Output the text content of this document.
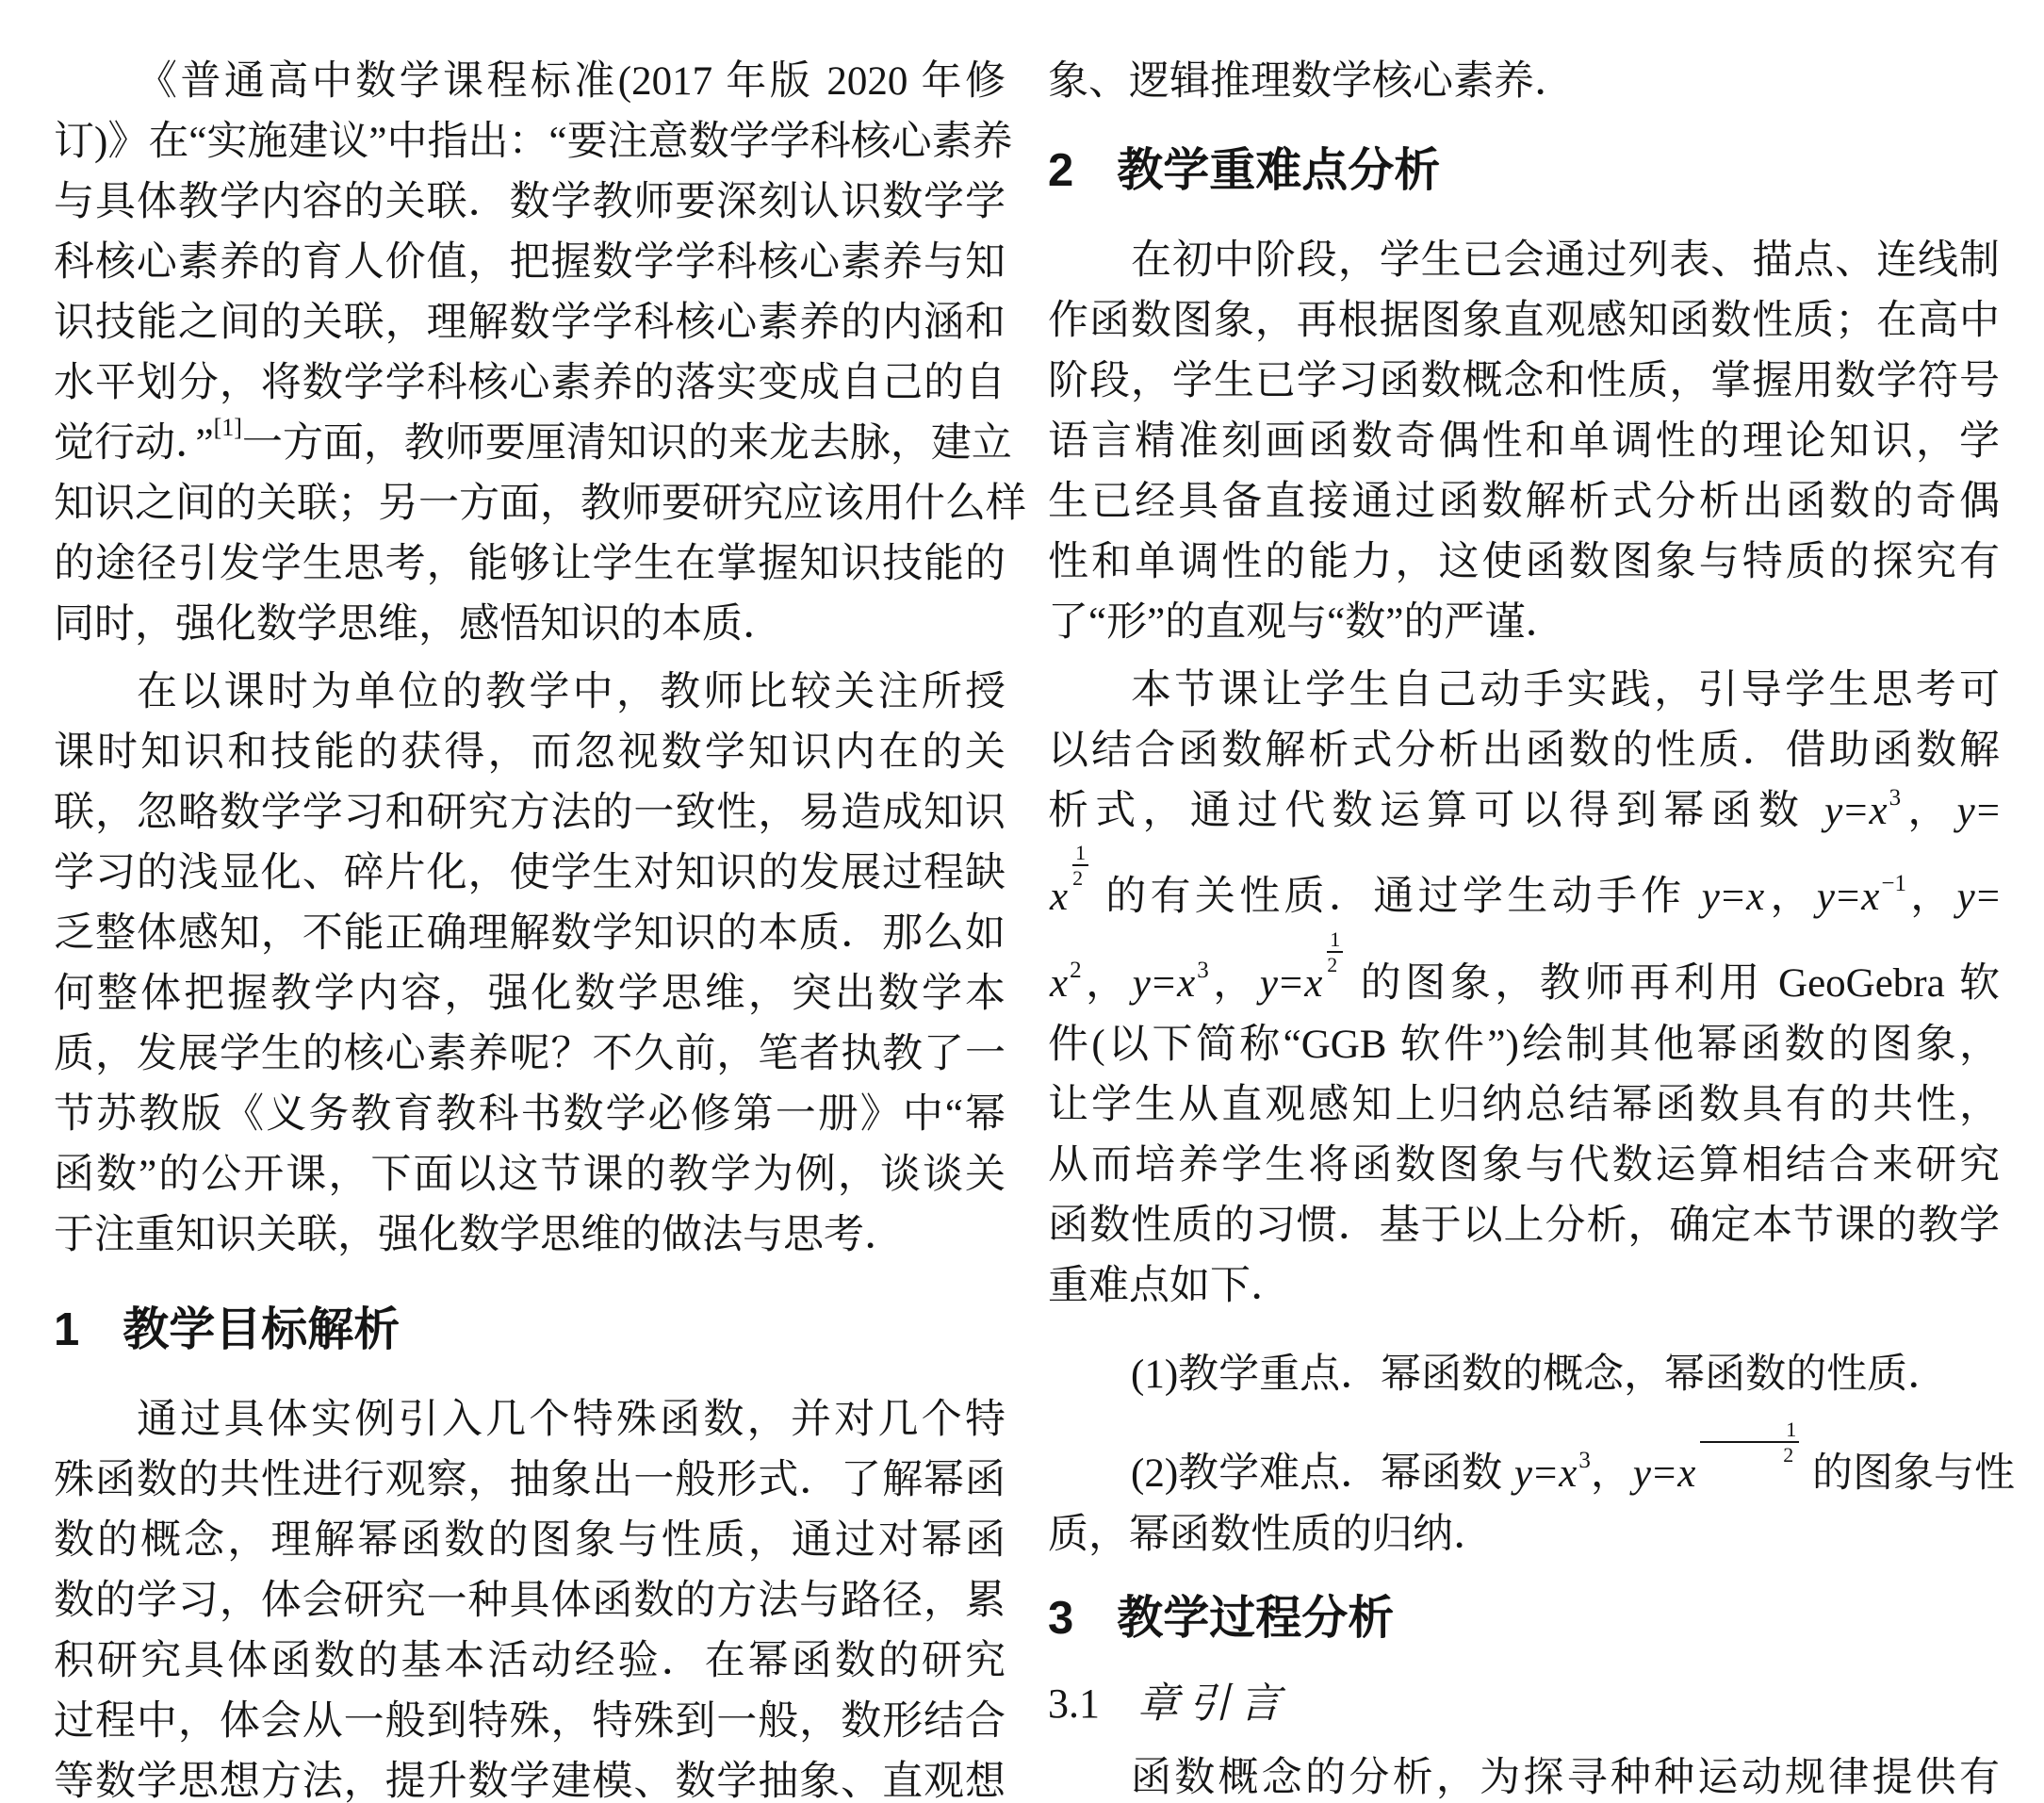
《普通高中数学课程标准(2017 年版 2020 年修
订)》在“实施建议”中指出：“要注意数学学科核心素养
与具体教学内容的关联．数学教师要深刻认识数学学
科核心素养的育人价值，把握数学学科核心素养与知
识技能之间的关联，理解数学学科核心素养的内涵和
水平划分，将数学学科核心素养的落实变成自己的自
觉行动．”[1]一方面，教师要厘清知识的来龙去脉，建立
知识之间的关联；另一方面，教师要研究应该用什么样
的途径引发学生思考，能够让学生在掌握知识技能的
同时，强化数学思维，感悟知识的本质．
在以课时为单位的教学中，教师比较关注所授
课时知识和技能的获得，而忽视数学知识内在的关
联，忽略数学学习和研究方法的一致性，易造成知识
学习的浅显化、碎片化，使学生对知识的发展过程缺
乏整体感知，不能正确理解数学知识的本质．那么如
何整体把握教学内容，强化数学思维，突出数学本
质，发展学生的核心素养呢？不久前，笔者执教了一
节苏教版《义务教育教科书数学必修第一册》中“幂
函数”的公开课，下面以这节课的教学为例，谈谈关
于注重知识关联，强化数学思维的做法与思考．
1 教学目标解析
通过具体实例引入几个特殊函数，并对几个特
殊函数的共性进行观察，抽象出一般形式．了解幂函
数的概念，理解幂函数的图象与性质，通过对幂函
数的学习，体会研究一种具体函数的方法与路径，累
积研究具体函数的基本活动经验．在幂函数的研究
过程中，体会从一般到特殊，特殊到一般，数形结合
等数学思想方法，提升数学建模、数学抽象、直观想
象、逻辑推理数学核心素养．
2 教学重难点分析
在初中阶段，学生已会通过列表、描点、连线制
作函数图象，再根据图象直观感知函数性质；在高中
阶段，学生已学习函数概念和性质，掌握用数学符号
语言精准刻画函数奇偶性和单调性的理论知识，学
生已经具备直接通过函数解析式分析出函数的奇偶
性和单调性的能力，这使函数图象与特质的探究有
了“形”的直观与“数”的严谨．
本节课让学生自己动手实践，引导学生思考可
以结合函数解析式分析出函数的性质．借助函数解
析式，通过代数运算可以得到幂函数 $y=x^3$，y=
x
$\frac{1}{2}$
的有关性质．通过学生动手作 y=x，$y=x^{-1}$，y=
$x^2$，$y=x^3$，y=x
$\frac{1}{2}$
的图象，教师再利用 GeoGebra 软
件(以下简称“GGB 软件”)绘制其他幂函数的图象，
让学生从直观感知上归纳总结幂函数具有的共性，
从而培养学生将函数图象与代数运算相结合来研究
函数性质的习惯．基于以上分析，确定本节课的教学
重难点如下．
(1)教学重点．幂函数的概念，幂函数的性质．
(2)教学难点．幂函数 $y=x^3$，y=x
$\frac{1}{2}$
的图象与性
质，幂函数性质的归纳．
3 教学过程分析
3.1 章引言
函数概念的分析，为探寻种种运动规律提供有
